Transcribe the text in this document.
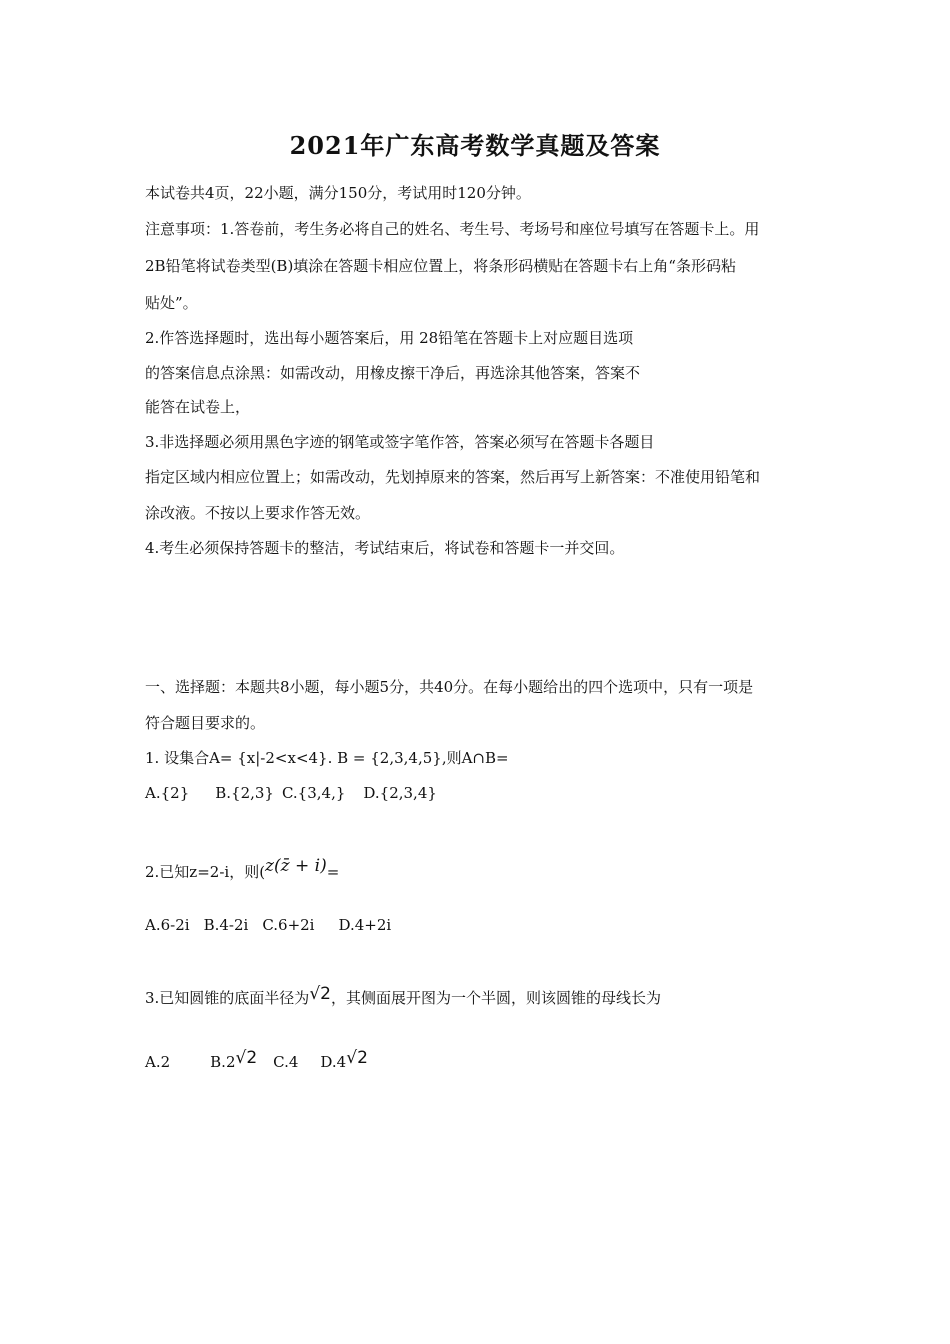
2021年广东高考数学真题及答案
本试卷共4页，22小题，满分150分，考试用时120分钟。
注意事项：1.答卷前，考生务必将自己的姓名、考生号、考场号和座位号填写在答题卡上。用
2B铅笔将试卷类型(B)填涂在答题卡相应位置上，将条形码横贴在答题卡右上角“条形码粘
贴处”。
2.作答选择题时，选出每小题答案后，用 28铅笔在答题卡上对应题目选项
的答案信息点涂黑：如需改动，用橡皮擦干净后，再选涂其他答案，答案不
能答在试卷上，
3.非选择题必须用黑色字迹的钢笔或签字笔作答，答案必须写在答题卡各题目
指定区域内相应位置上；如需改动，先划掉原来的答案，然后再写上新答案：不准使用铅笔和
涂改液。不按以上要求作答无效。
4.考生必须保持答题卡的整洁，考试结束后，将试卷和答题卡一并交回。
一、选择题：本题共8小题，每小题5分，共40分。在每小题给出的四个选项中，只有一项是
符合题目要求的。
1. 设集合A= {x|-2<x<4}. B = {2,3,4,5},则A∩B=
A.{2} B.{2,3} C.{3,4,} D.{2,3,4}
2.已知z=2-i，则(z(z̄ + i)=
A.6-2i B.4-2i C.6+2i D.4+2i
3.已知圆锥的底面半径为√2，其侧面展开图为一个半圆，则该圆锥的母线长为
A.2	B.2√2 C.4 D.4√2
